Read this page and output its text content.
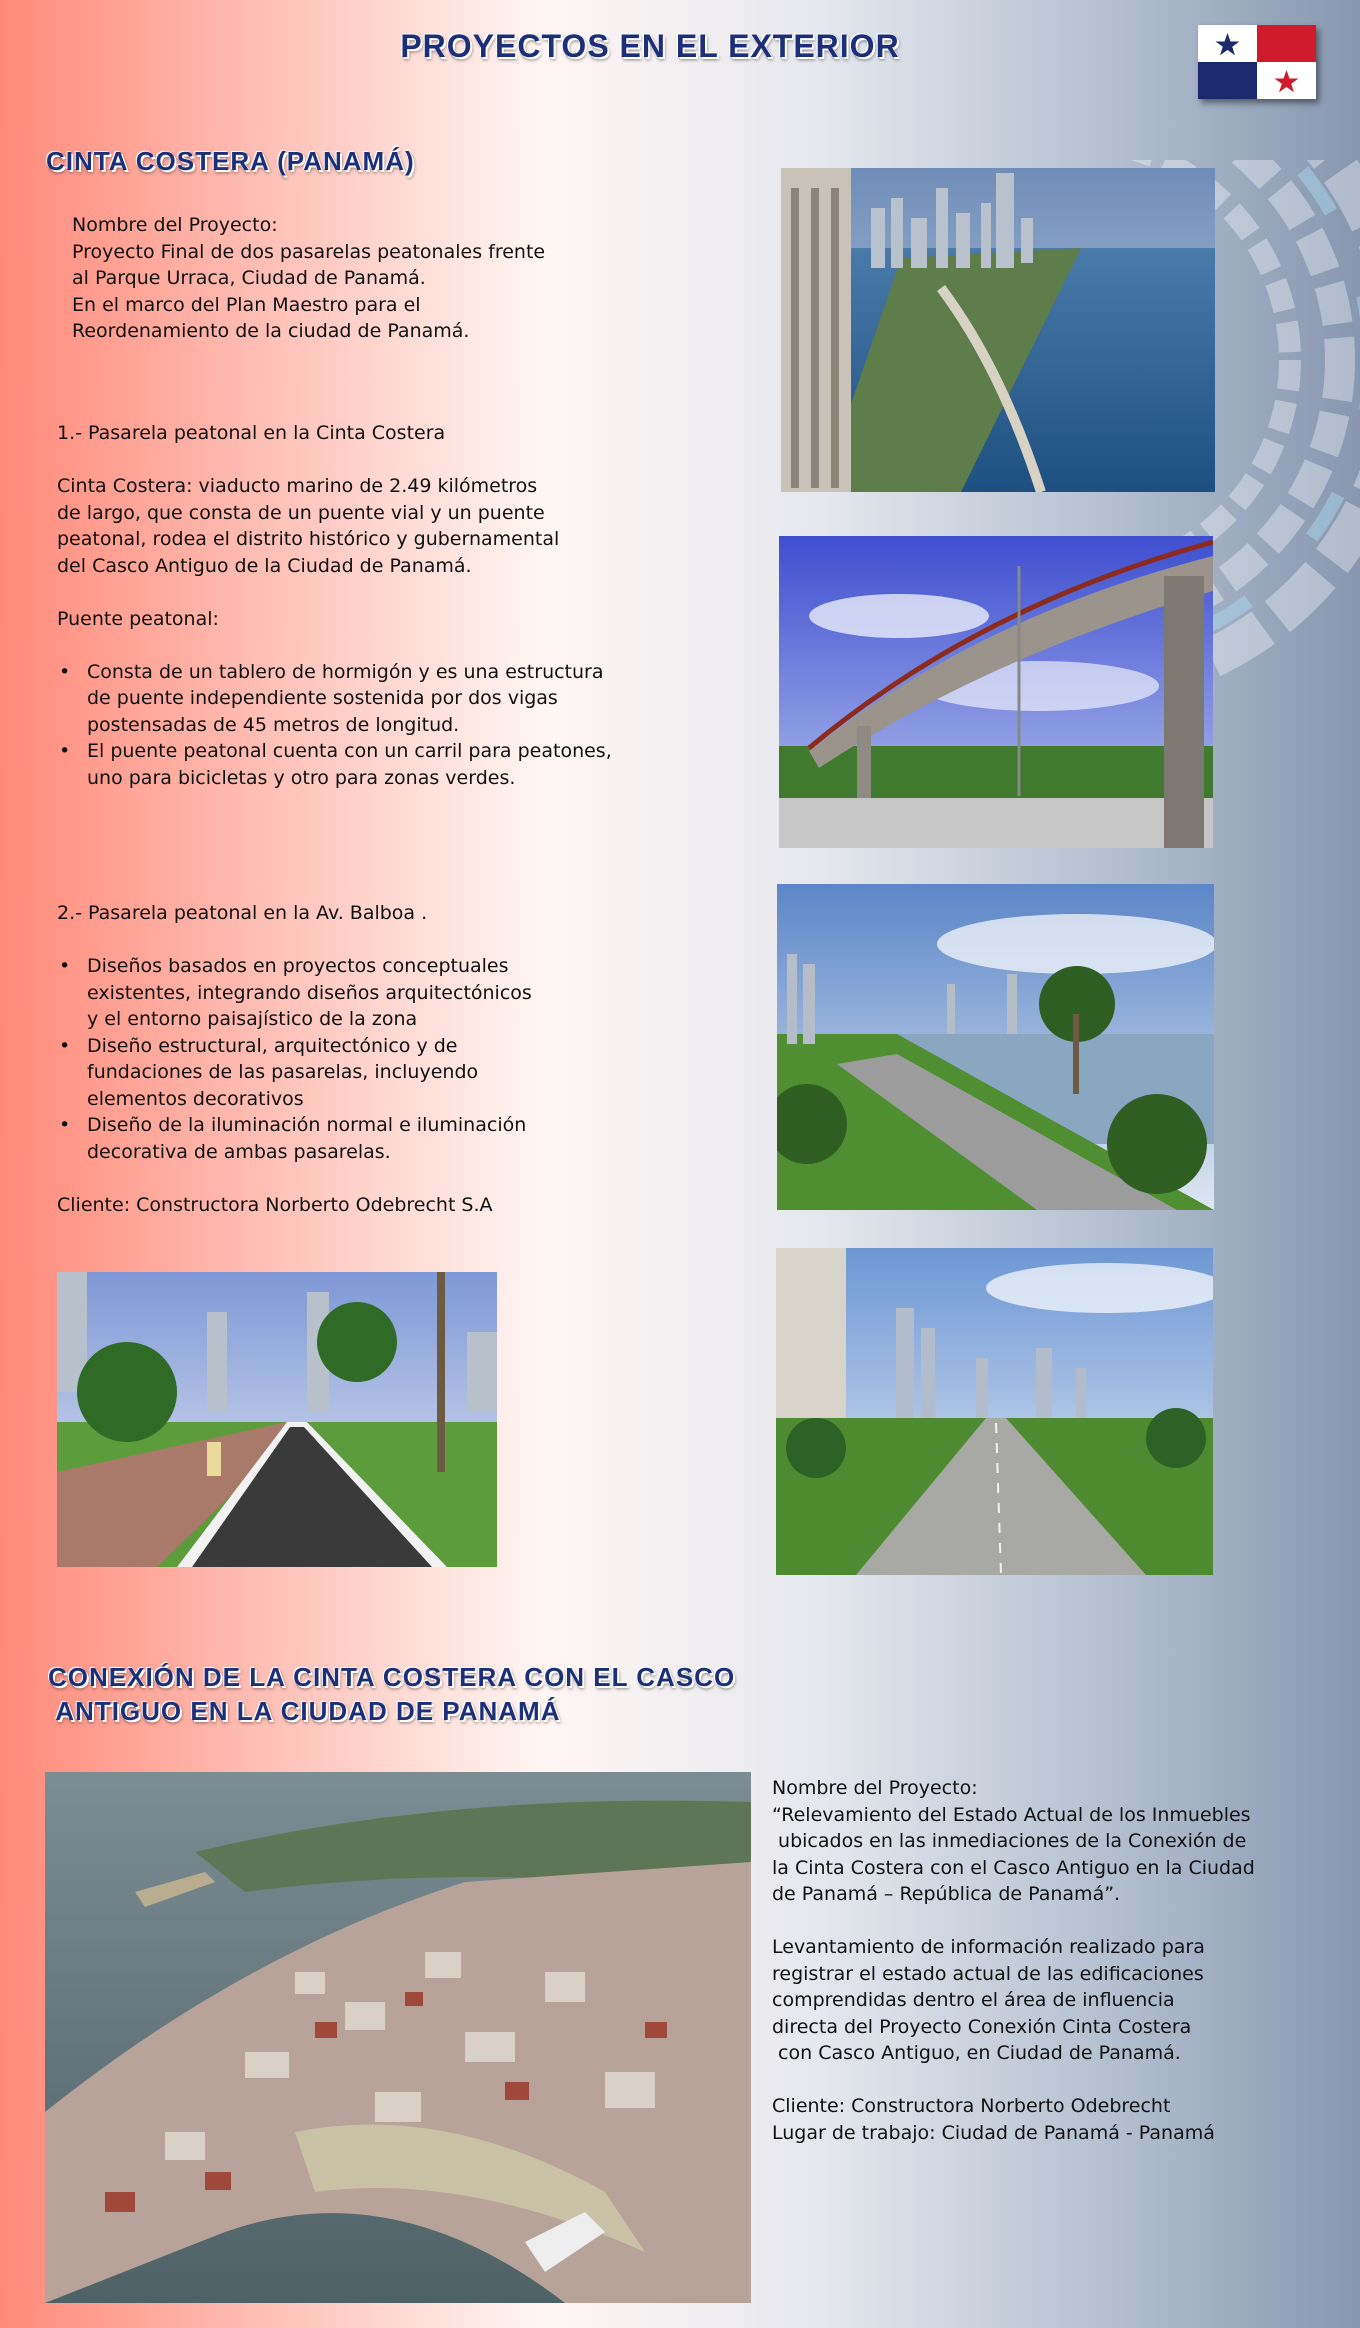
PROYECTOS EN EL EXTERIOR
CINTA COSTERA (PANAMÁ)

Nombre del Proyecto:

Proyecto Final de dos pasarelas peatonales frente

al Parque Urraca, Ciudad de Panamá.

En el marco del Plan Maestro para el

Reordenamiento de la ciudad de Panamá.

1.- Pasarela peatonal en la Cinta Costera

Cinta Costera: viaducto marino de 2.49 kilómetros

de largo, que consta de un puente vial y un puente

peatonal, rodea el distrito histórico y gubernamental

del Casco Antiguo de la Ciudad de Panamá.

Puente peatonal:

• Consta de un tablero de hormigón y es una estructura de puente independiente sostenida por dos vigas postensadas de 45 metros de longitud.
• El puente peatonal cuenta con un carril para peatones, uno para bicicletas y otro para zonas verdes.

2.- Pasarela peatonal en la Av. Balboa .

• Diseños basados en proyectos conceptuales existentes, integrando diseños arquitectónicos y el entorno paisajístico de la zona
• Diseño estructural, arquitectónico y de fundaciones de las pasarelas, incluyendo elementos decorativos
• Diseño de la iluminación normal e iluminación decorativa de ambas pasarelas.

Cliente: Constructora Norberto Odebrecht S.A

CONEXIÓN DE LA CINTA COSTERA CON EL CASCO
ANTIGUO EN LA CIUDAD DE PANAMÁ

Nombre del Proyecto:

“Relevamiento del Estado Actual de los Inmuebles

ubicados en las inmediaciones de la Conexión de

la Cinta Costera con el Casco Antiguo en la Ciudad

de Panamá – República de Panamá”.

Levantamiento de información realizado para

registrar el estado actual de las edificaciones

comprendidas dentro el área de influencia

directa del Proyecto Conexión Cinta Costera

con Casco Antiguo, en Ciudad de Panamá.

Cliente: Constructora Norberto Odebrecht

Lugar de trabajo: Ciudad de Panamá - Panamá
